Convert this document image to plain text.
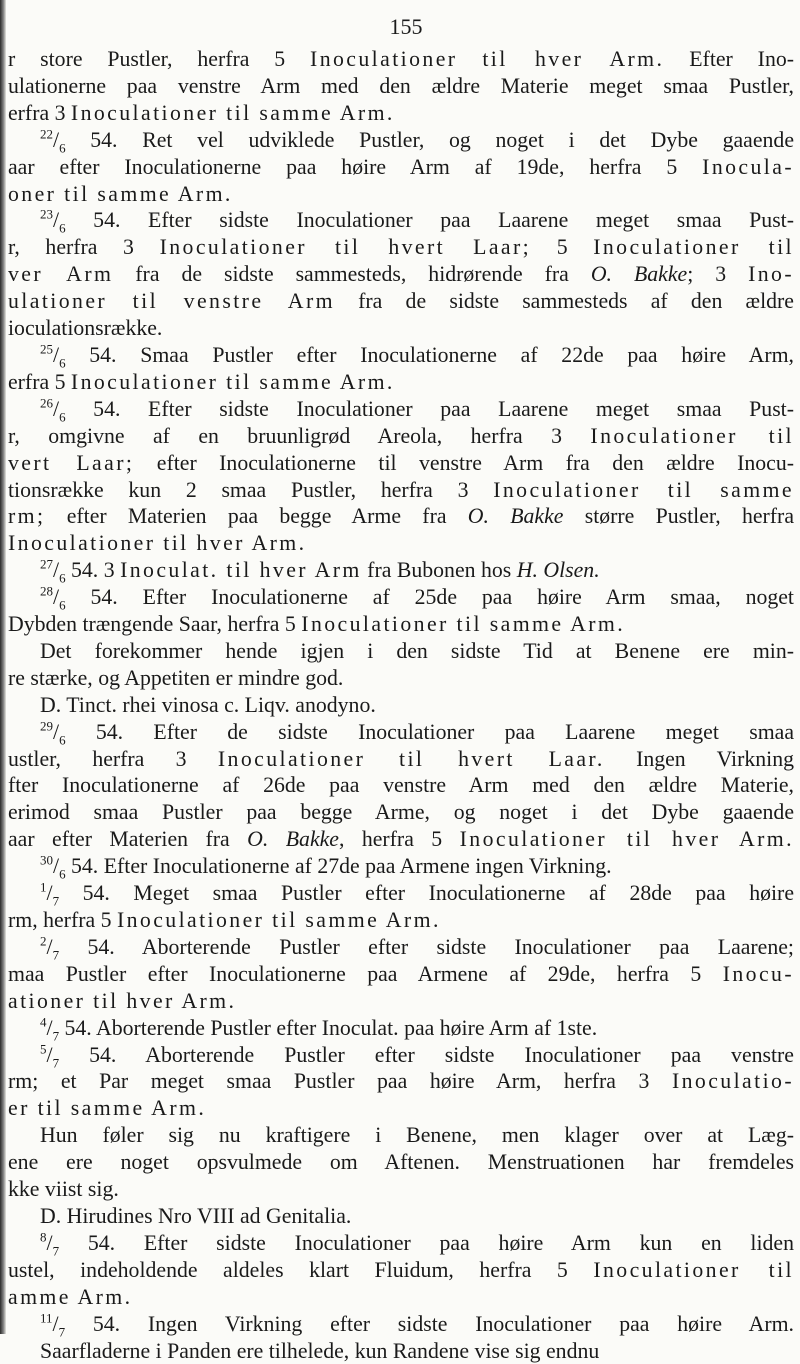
155
r store Pustler, herfra 5 Inoculationer til hver Arm. Efter Ino-
ulationerne paa venstre Arm med den ældre Materie meget smaa Pustler,
erfra 3 Inoculationer til samme Arm.
$^{22}/_6$ 54. Ret vel udviklede Pustler, og noget i det Dybe gaaende
aar efter Inoculationerne paa høire Arm af 19de, herfra 5 Inocula-
oner til samme Arm.
$^{23}/_6$ 54. Efter sidste Inoculationer paa Laarene meget smaa Pust-
r, herfra 3 Inoculationer til hvert Laar; 5 Inoculationer til
ver Arm fra de sidste sammesteds, hidrørende fra O. Bakke; 3 Ino-
ulationer til venstre Arm fra de sidste sammesteds af den ældre
ioculationsrække.
$^{25}/_6$ 54. Smaa Pustler efter Inoculationerne af 22de paa høire Arm,
erfra 5 Inoculationer til samme Arm.
$^{26}/_6$ 54. Efter sidste Inoculationer paa Laarene meget smaa Pust-
r, omgivne af en bruunligrød Areola, herfra 3 Inoculationer til
vert Laar; efter Inoculationerne til venstre Arm fra den ældre Inocu-
tionsrække kun 2 smaa Pustler, herfra 3 Inoculationer til samme
rm; efter Materien paa begge Arme fra O. Bakke større Pustler, herfra
Inoculationer til hver Arm.
$^{27}/_6$ 54. 3 Inoculat. til hver Arm fra Bubonen hos H. Olsen.
$^{28}/_6$ 54. Efter Inoculationerne af 25de paa høire Arm smaa, noget
Dybden trængende Saar, herfra 5 Inoculationer til samme Arm.
Det forekommer hende igjen i den sidste Tid at Benene ere min-
re stærke, og Appetiten er mindre god.
D. Tinct. rhei vinosa c. Liqv. anodyno.
$^{29}/_6$ 54. Efter de sidste Inoculationer paa Laarene meget smaa
ustler, herfra 3 Inoculationer til hvert Laar. Ingen Virkning
fter Inoculationerne af 26de paa venstre Arm med den ældre Materie,
erimod smaa Pustler paa begge Arme, og noget i det Dybe gaaende
aar efter Materien fra O. Bakke, herfra 5 Inoculationer til hver Arm.
$^{30}/_6$ 54. Efter Inoculationerne af 27de paa Armene ingen Virkning.
$^1/_7$ 54. Meget smaa Pustler efter Inoculationerne af 28de paa høire
rm, herfra 5 Inoculationer til samme Arm.
$^2/_7$ 54. Aborterende Pustler efter sidste Inoculationer paa Laarene;
maa Pustler efter Inoculationerne paa Armene af 29de, herfra 5 Inocu-
ationer til hver Arm.
$^4/_7$ 54. Aborterende Pustler efter Inoculat. paa høire Arm af 1ste.
$^5/_7$ 54. Aborterende Pustler efter sidste Inoculationer paa venstre
rm; et Par meget smaa Pustler paa høire Arm, herfra 3 Inoculatio-
er til samme Arm.
Hun føler sig nu kraftigere i Benene, men klager over at Læg-
ene ere noget opsvulmede om Aftenen. Menstruationen har fremdeles
kke viist sig.
D. Hirudines Nro VIII ad Genitalia.
$^8/_7$ 54. Efter sidste Inoculationer paa høire Arm kun en liden
ustel, indeholdende aldeles klart Fluidum, herfra 5 Inoculationer til
amme Arm.
$^{11}/_7$ 54. Ingen Virkning efter sidste Inoculationer paa høire Arm.
Saarfladerne i Panden ere tilhelede, kun Randene vise sig endnu
